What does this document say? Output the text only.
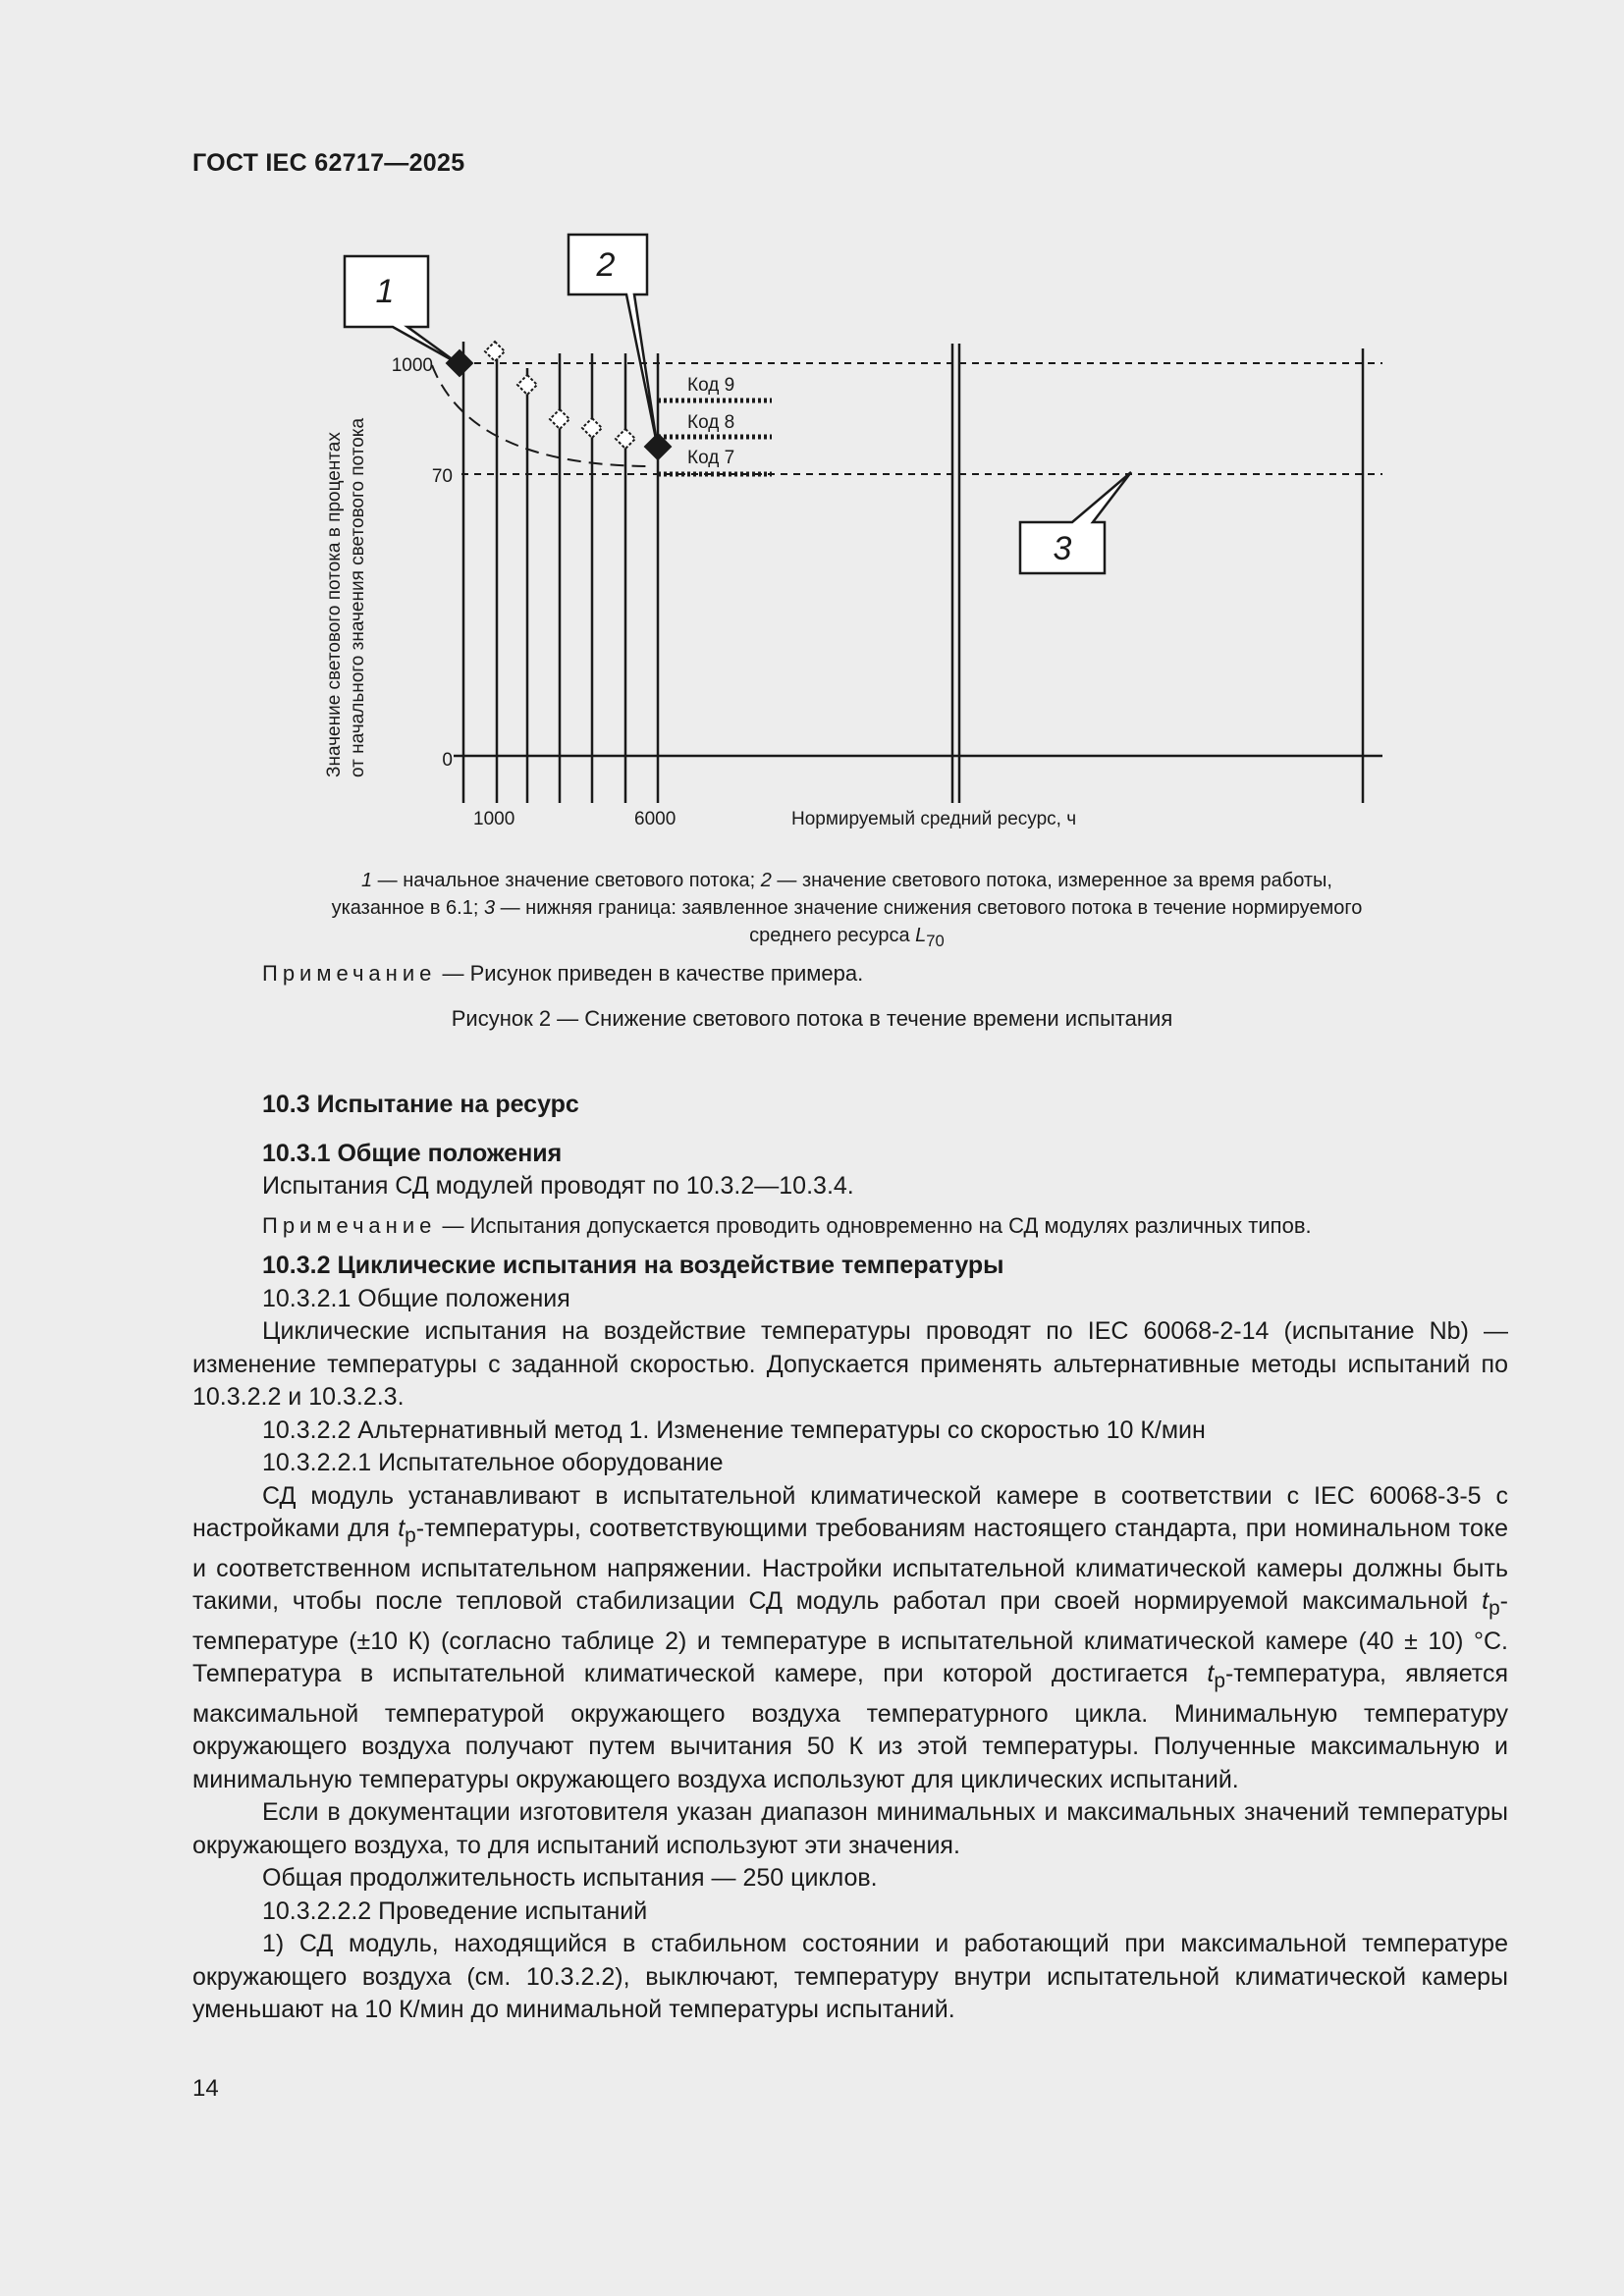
ГОСТ IEC 62717—2025
1
2
3
Значение светового потока в процентах от начального значения светового потока
1000
70
0
Код 9
Код 8
Код 7
1000	6000	Нормируемый средний ресурс, ч
1 — начальное значение светового потока; 2 — значение светового потока, измеренное за время работы,
указанное в 6.1; 3 — нижняя граница: заявленное значение снижения светового потока в течение нормируемого
среднего ресурса $L_{70}$
Примечание — Рисунок приведен в качестве примера.
Рисунок 2 — Снижение светового потока в течение времени испытания
10.3 Испытание на ресурс
10.3.1 Общие положения

Испытания СД модулей проводят по 10.3.2—10.3.4.

Примечание — Испытания допускается проводить одновременно на СД модулях различных типов.

10.3.2 Циклические испытания на воздействие температуры

10.3.2.1 Общие положения

Циклические испытания на воздействие температуры проводят по IEC 60068-2-14 (испытание Nb) — изменение температуры с заданной скоростью. Допускается применять альтернативные методы испытаний по 10.3.2.2 и 10.3.2.3.

10.3.2.2 Альтернативный метод 1. Изменение температуры со скоростью 10 К/мин

10.3.2.2.1 Испытательное оборудование

СД модуль устанавливают в испытательной климатической камере в соответствии с IEC 60068-3-5 с настройками для $t_p$-температуры, соответствующими требованиям настоящего стандарта, при номинальном токе и соответственном испытательном напряжении. Настройки испытательной климатической камеры должны быть такими, чтобы после тепловой стабилизации СД модуль работал при своей нормируемой максимальной $t_p$-температуре (±10 К) (согласно таблице 2) и температуре в испытательной климатической камере (40 ± 10) °С. Температура в испытательной климатической камере, при которой достигается $t_p$-температура, является максимальной температурой окружающего воздуха температурного цикла. Минимальную температуру окружающего воздуха получают путем вычитания 50 К из этой температуры. Полученные максимальную и минимальную температуры окружающего воздуха используют для циклических испытаний.

Если в документации изготовителя указан диапазон минимальных и максимальных значений температуры окружающего воздуха, то для испытаний используют эти значения.

Общая продолжительность испытания — 250 циклов.

10.3.2.2.2 Проведение испытаний

1) СД модуль, находящийся в стабильном состоянии и работающий при максимальной температуре окружающего воздуха (см. 10.3.2.2), выключают, температуру внутри испытательной климатической камеры уменьшают на 10 К/мин до минимальной температуры испытаний.

14
